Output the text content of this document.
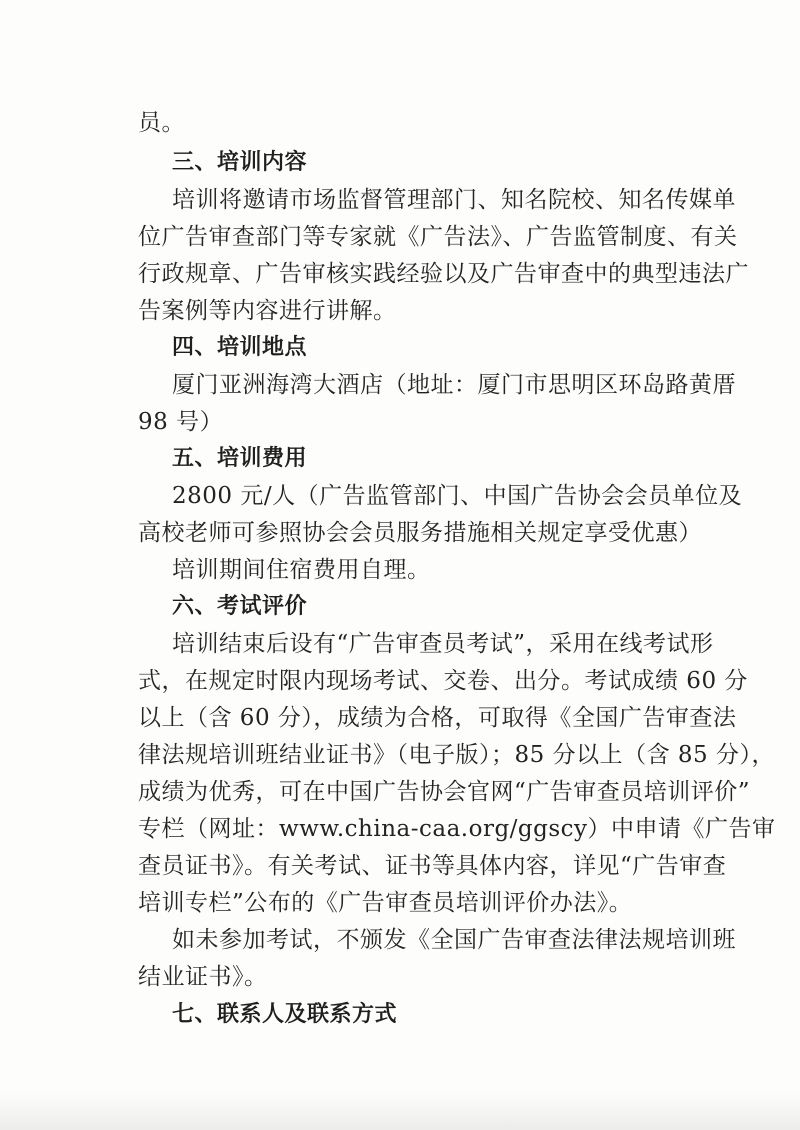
员。
三、培训内容
培训将邀请市场监督管理部门、知名院校、知名传媒单
位广告审查部门等专家就《广告法》、广告监管制度、有关
行政规章、广告审核实践经验以及广告审查中的典型违法广
告案例等内容进行讲解。
四、培训地点
厦门亚洲海湾大酒店（地址：厦门市思明区环岛路黄厝
98 号）
五、培训费用
2800 元/人（广告监管部门、中国广告协会会员单位及
高校老师可参照协会会员服务措施相关规定享受优惠）
培训期间住宿费用自理。
六、考试评价
培训结束后设有“广告审查员考试”，采用在线考试形
式，在规定时限内现场考试、交卷、出分。考试成绩 60 分
以上（含 60 分），成绩为合格，可取得《全国广告审查法
律法规培训班结业证书》（电子版）；85 分以上（含 85 分），
成绩为优秀，可在中国广告协会官网“广告审查员培训评价”
专栏（网址：www.china-caa.org/ggscy）中申请《广告审
查员证书》。有关考试、证书等具体内容，详见“广告审查
培训专栏”公布的《广告审查员培训评价办法》。
如未参加考试，不颁发《全国广告审查法律法规培训班
结业证书》。
七、联系人及联系方式
